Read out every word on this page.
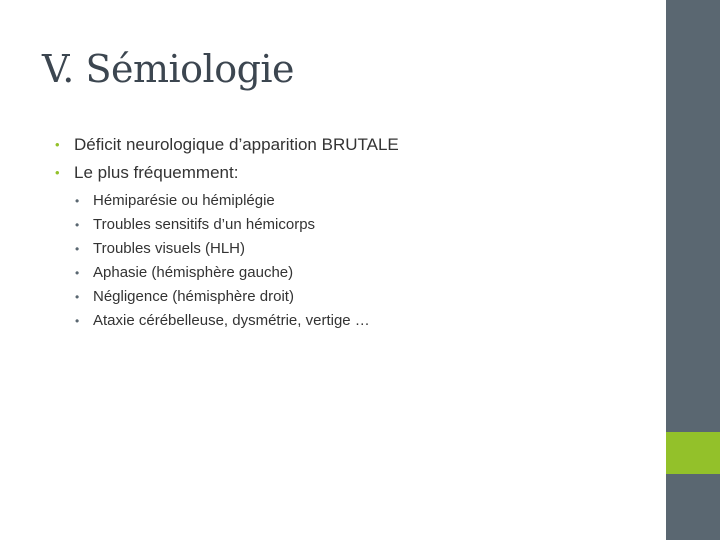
V. Sémiologie
• Déficit neurologique d’apparition BRUTALE
• Le plus fréquemment:
• Hémiparésie ou hémiplégie
• Troubles sensitifs d’un hémicorps
• Troubles visuels (HLH)
• Aphasie (hémisphère gauche)
• Négligence (hémisphère droit)
• Ataxie cérébelleuse, dysmétrie, vertige …
